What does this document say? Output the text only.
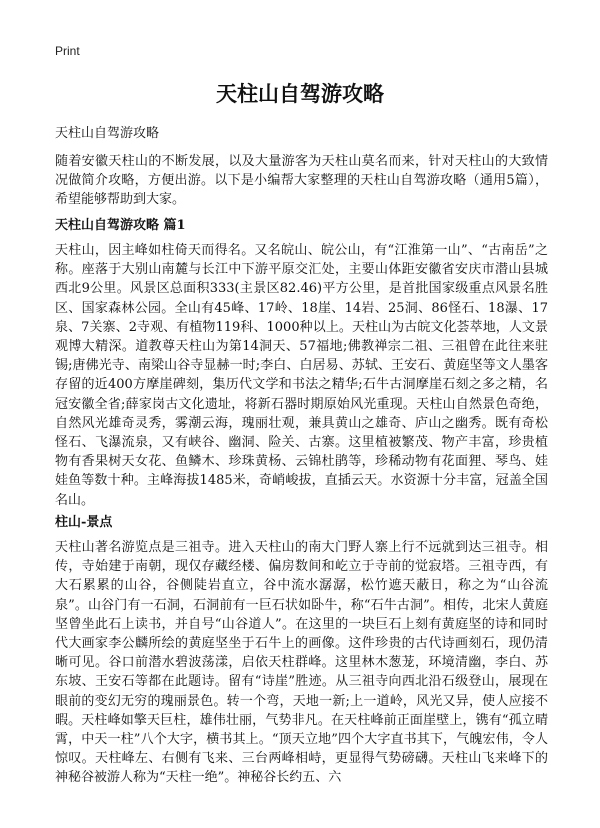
Print
天柱山自驾游攻略
天柱山自驾游攻略

随着安徽天柱山的不断发展，以及大量游客为天柱山莫名而来，针对天柱山的大致情况做简介攻略，方便出游。以下是小编帮大家整理的天柱山自驾游攻略（通用5篇），希望能够帮助到大家。

天柱山自驾游攻略 篇1

天柱山，因主峰如柱倚天而得名。又名皖山、皖公山，有“江淮第一山”、“古南岳”之称。座落于大别山南麓与长江中下游平原交汇处，主要山体距安徽省安庆市潜山县城西北9公里。风景区总面积333(主景区82.46)平方公里，是首批国家级重点风景名胜区、国家森林公园。全山有45峰、17岭、18崖、14岩、25洞、86怪石、18瀑、17泉、7关寨、2寺观、有植物119科、1000种以上。天柱山为古皖文化荟萃地，人文景观博大精深。道教尊天柱山为第14洞天、57福地;佛教禅宗二祖、三祖曾在此往来驻锡;唐佛光寺、南梁山谷寺显赫一时;李白、白居易、苏轼、王安石、黄庭坚等文人墨客存留的近400方摩崖碑刻，集历代文学和书法之精华;石牛古洞摩崖石刻之多之精，名冠安徽全省;薛家岗古文化遗址，将新石器时期原始风光重现。天柱山自然景色奇绝，自然风光雄奇灵秀，雾潮云海，瑰丽壮观，兼具黄山之雄奇、庐山之幽秀。既有奇松怪石、飞瀑流泉，又有峡谷、幽洞、险关、古寨。这里植被繁茂、物产丰富，珍贵植物有香果树天女花、鱼鳞木、珍珠黄杨、云锦杜鹃等，珍稀动物有花面狸、琴鸟、娃娃鱼等数十种。主峰海拔1485米，奇峭峻拔，直插云天。水资源十分丰富，冠盖全国名山。

柱山-景点

天柱山著名游览点是三祖寺。进入天柱山的南大门野人寨上行不远就到达三祖寺。相传，寺始建于南朝，现仅存藏经楼、偏房数间和屹立于寺前的觉寂塔。三祖寺西，有大石累累的山谷，谷侧陡岩直立，谷中流水潺潺，松竹遮天蔽日，称之为“山谷流泉”。山谷门有一石洞，石洞前有一巨石状如卧牛，称“石牛古洞”。相传，北宋人黄庭坚曾坐此石上读书，并自号“山谷道人”。在这里的一块巨石上刻有黄庭坚的诗和同时代大画家李公麟所绘的黄庭坚坐于石牛上的画像。这件珍贵的古代诗画刻石，现仍清晰可见。谷口前潜水碧波荡漾，启依天柱群峰。这里林木葱茏，环境清幽，李白、苏东坡、王安石等都在此题诗。留有“诗崖”胜迹。从三祖寺向西北沿石级登山，展现在眼前的变幻无穷的瑰丽景色。转一个弯，天地一新;上一道岭，风光又异，使人应接不暇。天柱峰如擎天巨柱，雄伟壮丽，气势非凡。在天柱峰前正面崖壁上，镌有“孤立晴霄，中天一柱”八个大字，横书其上。“顶天立地”四个大字直书其下，气魄宏伟，令人惊叹。天柱峰左、右侧有飞来、三台两峰相峙，更显得气势磅礴。天柱山飞来峰下的神秘谷被游人称为“天柱一绝”。神秘谷长约五、六
